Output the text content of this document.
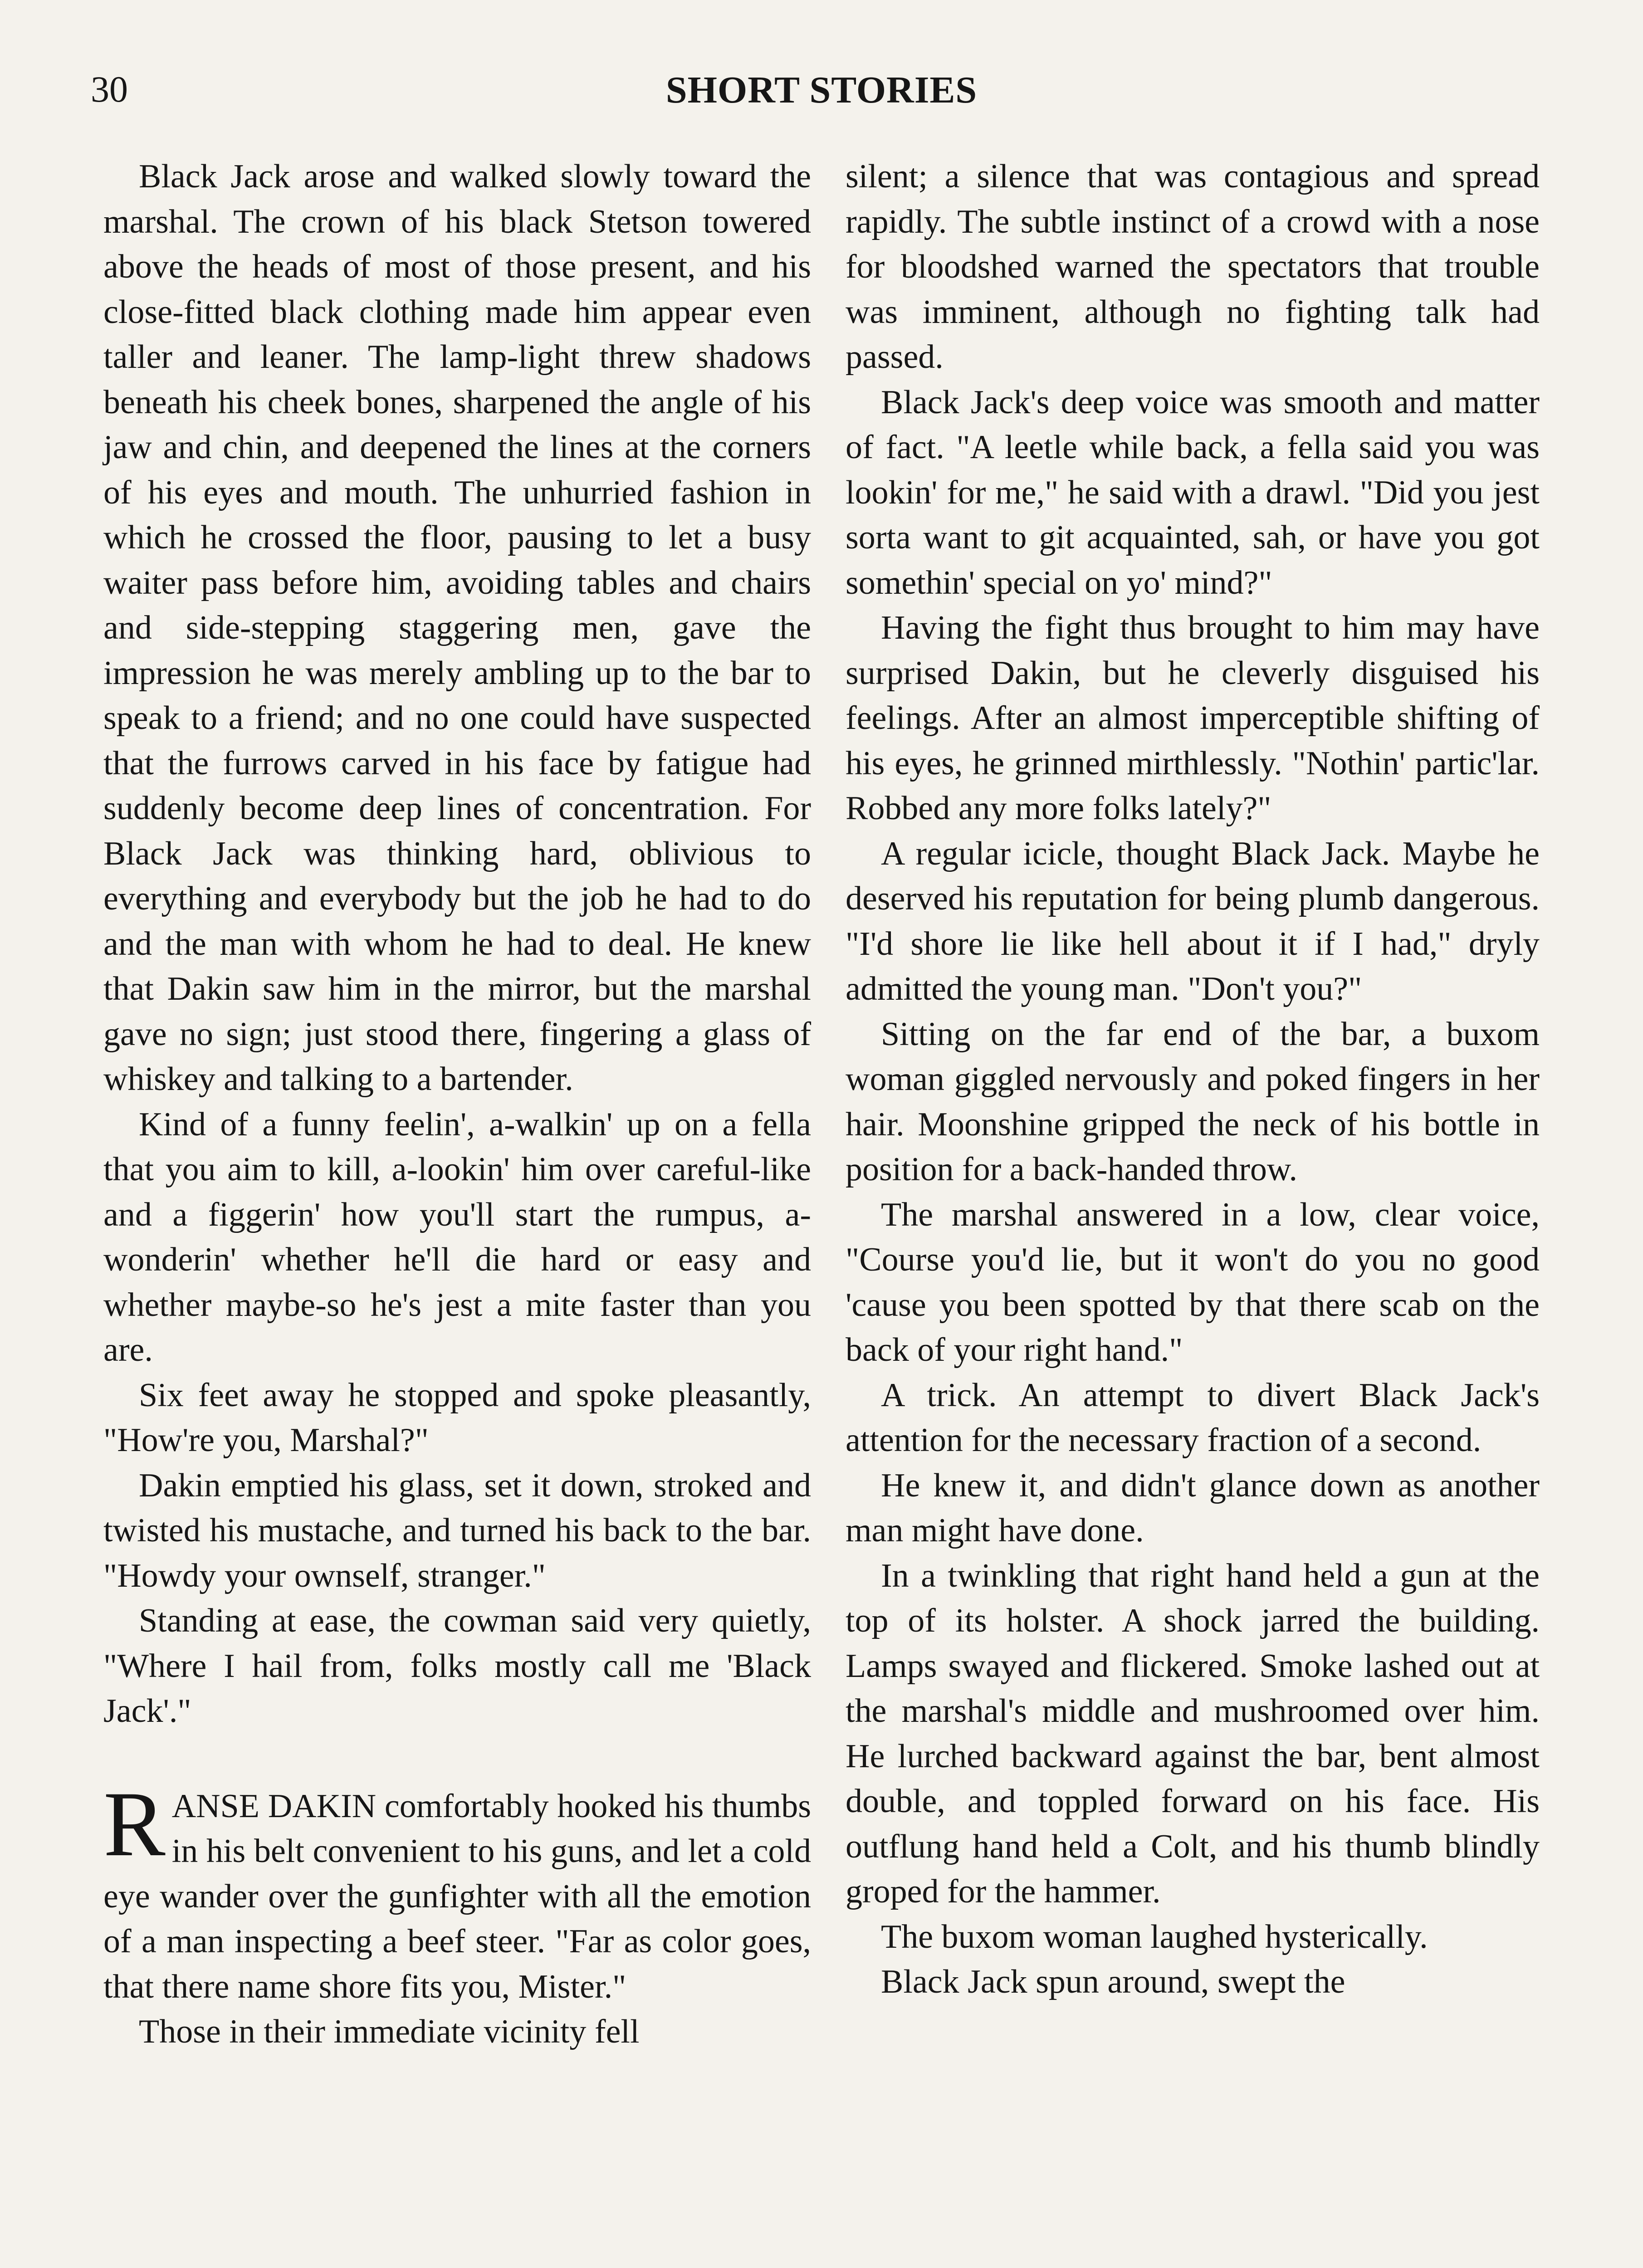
30	SHORT STORIES

Black Jack arose and walked slowly toward the marshal. The crown of his black Stetson towered above the heads of most of those present, and his close-fitted black clothing made him appear even taller and leaner. The lamp-light threw shadows beneath his cheek bones, sharpened the angle of his jaw and chin, and deepened the lines at the corners of his eyes and mouth. The unhurried fashion in which he crossed the floor, pausing to let a busy waiter pass before him, avoiding tables and chairs and side-stepping staggering men, gave the impression he was merely ambling up to the bar to speak to a friend; and no one could have suspected that the furrows carved in his face by fatigue had suddenly become deep lines of concentration. For Black Jack was thinking hard, oblivious to everything and everybody but the job he had to do and the man with whom he had to deal. He knew that Dakin saw him in the mirror, but the marshal gave no sign; just stood there, fingering a glass of whiskey and talking to a bartender.

Kind of a funny feelin', a-walkin' up on a fella that you aim to kill, a-lookin' him over careful-like and a figgerin' how you'll start the rumpus, a-wonderin' whether he'll die hard or easy and whether maybe-so he's jest a mite faster than you are.

Six feet away he stopped and spoke pleasantly, "How're you, Marshal?"

Dakin emptied his glass, set it down, stroked and twisted his mustache, and turned his back to the bar. "Howdy your ownself, stranger."

Standing at ease, the cowman said very quietly, "Where I hail from, folks mostly call me 'Black Jack'."

RANSE DAKIN comfortably hooked his thumbs in his belt convenient to his guns, and let a cold eye wander over the gunfighter with all the emotion of a man inspecting a beef steer. "Far as color goes, that there name shore fits you, Mister."

Those in their immediate vicinity fell

silent; a silence that was contagious and spread rapidly. The subtle instinct of a crowd with a nose for bloodshed warned the spectators that trouble was imminent, although no fighting talk had passed.

Black Jack's deep voice was smooth and matter of fact. "A leetle while back, a fella said you was lookin' for me," he said with a drawl. "Did you jest sorta want to git acquainted, sah, or have you got somethin' special on yo' mind?"

Having the fight thus brought to him may have surprised Dakin, but he cleverly disguised his feelings. After an almost imperceptible shifting of his eyes, he grinned mirthlessly. "Nothin' partic'lar. Robbed any more folks lately?"

A regular icicle, thought Black Jack. Maybe he deserved his reputation for being plumb dangerous. "I'd shore lie like hell about it if I had," dryly admitted the young man. "Don't you?"

Sitting on the far end of the bar, a buxom woman giggled nervously and poked fingers in her hair. Moonshine gripped the neck of his bottle in position for a back-handed throw.

The marshal answered in a low, clear voice, "Course you'd lie, but it won't do you no good 'cause you been spotted by that there scab on the back of your right hand."

A trick. An attempt to divert Black Jack's attention for the necessary fraction of a second.

He knew it, and didn't glance down as another man might have done.

In a twinkling that right hand held a gun at the top of its holster. A shock jarred the building. Lamps swayed and flickered. Smoke lashed out at the marshal's middle and mushroomed over him. He lurched backward against the bar, bent almost double, and toppled forward on his face. His outflung hand held a Colt, and his thumb blindly groped for the hammer.

The buxom woman laughed hysterically.

Black Jack spun around, swept the
